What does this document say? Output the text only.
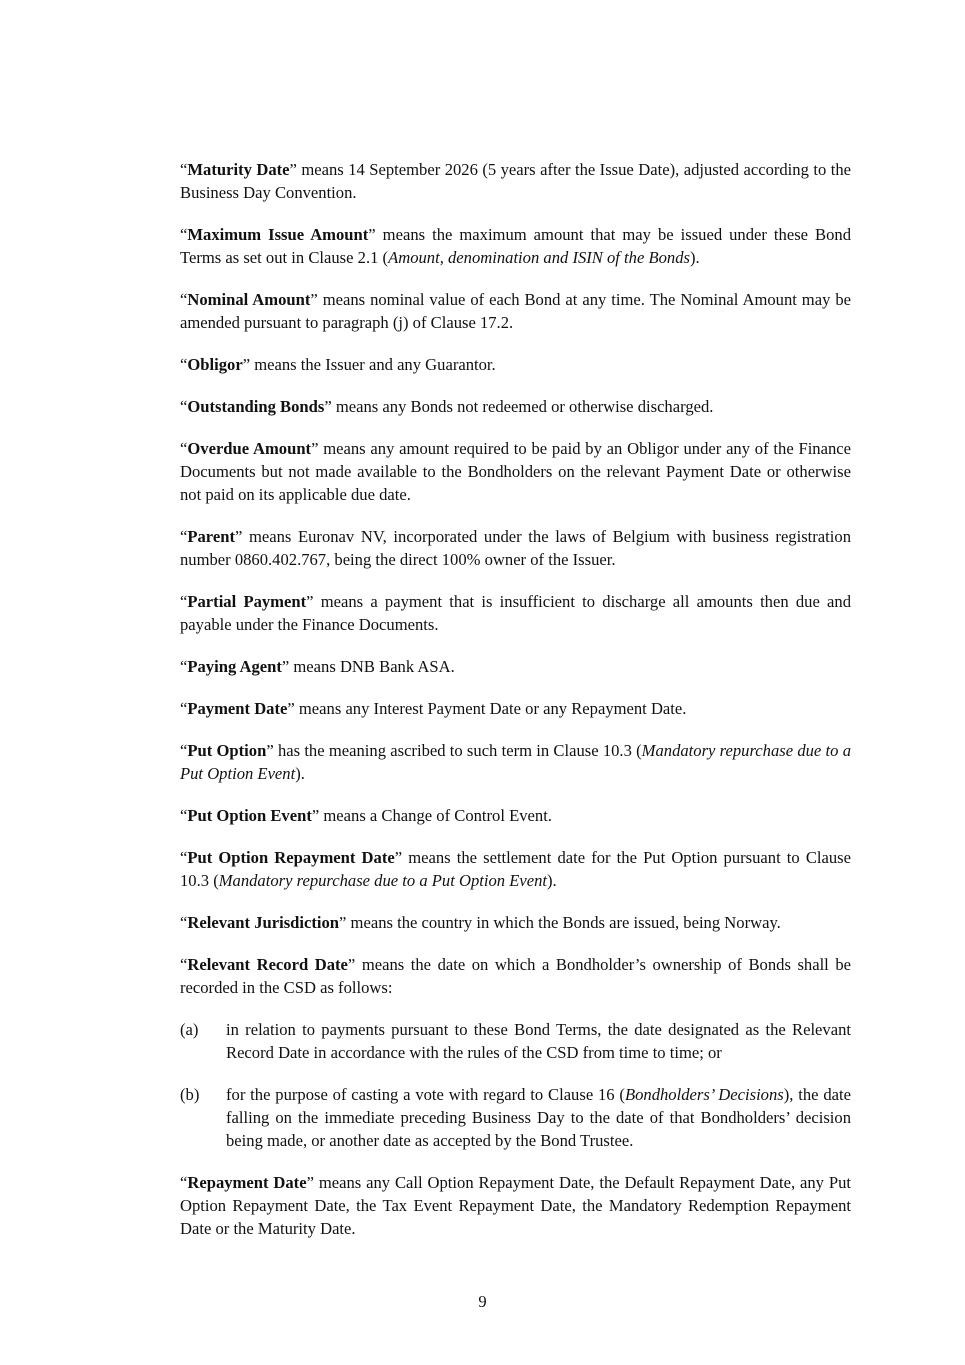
“Maturity Date” means 14 September 2026 (5 years after the Issue Date), adjusted according to the Business Day Convention.

“Maximum Issue Amount” means the maximum amount that may be issued under these Bond Terms as set out in Clause 2.1 (Amount, denomination and ISIN of the Bonds).

“Nominal Amount” means nominal value of each Bond at any time. The Nominal Amount may be amended pursuant to paragraph (j) of Clause 17.2.

“Obligor” means the Issuer and any Guarantor.

“Outstanding Bonds” means any Bonds not redeemed or otherwise discharged.

“Overdue Amount” means any amount required to be paid by an Obligor under any of the Finance Documents but not made available to the Bondholders on the relevant Payment Date or otherwise not paid on its applicable due date.

“Parent” means Euronav NV, incorporated under the laws of Belgium with business registration number 0860.402.767, being the direct 100% owner of the Issuer.

“Partial Payment” means a payment that is insufficient to discharge all amounts then due and payable under the Finance Documents.

“Paying Agent” means DNB Bank ASA.

“Payment Date” means any Interest Payment Date or any Repayment Date.

“Put Option” has the meaning ascribed to such term in Clause 10.3 (Mandatory repurchase due to a Put Option Event).

“Put Option Event” means a Change of Control Event.

“Put Option Repayment Date” means the settlement date for the Put Option pursuant to Clause 10.3 (Mandatory repurchase due to a Put Option Event).

“Relevant Jurisdiction” means the country in which the Bonds are issued, being Norway.

“Relevant Record Date” means the date on which a Bondholder’s ownership of Bonds shall be recorded in the CSD as follows:

(a)	in relation to payments pursuant to these Bond Terms, the date designated as the Relevant Record Date in accordance with the rules of the CSD from time to time; or
(b)	for the purpose of casting a vote with regard to Clause 16 (Bondholders’ Decisions), the date falling on the immediate preceding Business Day to the date of that Bondholders’ decision being made, or another date as accepted by the Bond Trustee.

“Repayment Date” means any Call Option Repayment Date, the Default Repayment Date, any Put Option Repayment Date, the Tax Event Repayment Date, the Mandatory Redemption Repayment Date or the Maturity Date.

9
